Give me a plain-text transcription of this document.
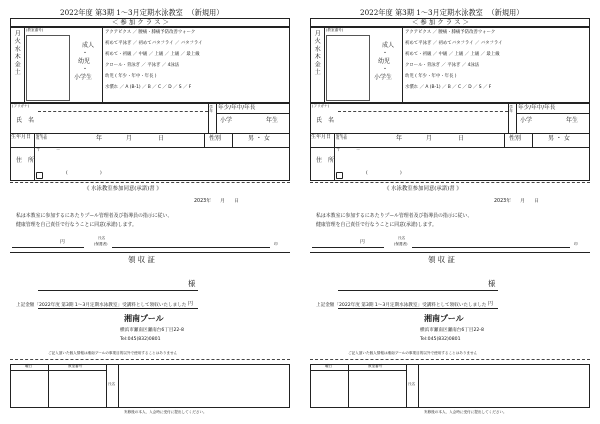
2022年度 第3期 1～3月定期水泳教室 （新規用）
＜ 参 加 ク ラ ス ＞
月火水木金土
(教室番号)
成人
・
幼児
・
小学生
アクアビクス ／ 腰痛・膝痛予防改善ウォーク
初めて平泳ぎ ／ 初めてバタフライ ／ バタフライ
初めて・初級 ／ 中級 ／ 上級 ／ 上級 ／ 最上級
クロール・背泳ぎ ／ 平泳ぎ ／ 4泳法
幼児 ( 年少・年中・年長 )
水慣れ ／ A (B-1) ／ B ／ C ／ D ／ S ／ F
(フリガナ)	学年 年少/年中/年長
氏　名	小学	年生
生年月日 昭和 平成 令和	年	月	日	性別	男 ・ 女
住　所
〒	－
(	)
《 水泳教室参加同意(承諾)書 》
2023年 月 日
私は本教室に参加するにあたりプール管理者及び指導員の指示に従い、
健康管理を自己責任で行なうことに同意(承諾)します。
円
氏名
(保護者)	印
領 収 証
様
円
上記金額「2022年度 第3期 1～3月定期水泳教室」受講料として領収いたしました
湘南プール
横浜市瀬南区瀬南台6丁目22-8
Tel:045(832)0801
ご記入頂いた個人情報は湘南プールの事業目的以外で使用することはありません
曜日	教室番号
氏名
実修後の本人、入会時に受付に提出してください。
2022年度 第3期 1～3月定期水泳教室 （新規用）
＜ 参 加 ク ラ ス ＞
月火水木金土
(教室番号)
成人
・
幼児
・
小学生
アクアビクス ／ 腰痛・膝痛予防改善ウォーク
初めて平泳ぎ ／ 初めてバタフライ ／ バタフライ
初めて・初級 ／ 中級 ／ 上級 ／ 上級 ／ 最上級
クロール・背泳ぎ ／ 平泳ぎ ／ 4泳法
幼児 ( 年少・年中・年長 )
水慣れ ／ A (B-1) ／ B ／ C ／ D ／ S ／ F
(フリガナ)	学年 年少/年中/年長
氏　名	小学	年生
生年月日 昭和 平成 令和	年	月	日	性別	男 ・ 女
住　所
〒	－
(	)
《 水泳教室参加同意(承諾)書 》
2023年 月 日
私は本教室に参加するにあたりプール管理者及び指導員の指示に従い、
健康管理を自己責任で行なうことに同意(承諾)します。
円
氏名
(保護者)	印
領 収 証
様
円
上記金額「2022年度 第3期 1～3月定期水泳教室」受講料として領収いたしました
湘南プール
横浜市瀬南区瀬南台6丁目22-8
Tel:045(832)0801
ご記入頂いた個人情報は湘南プールの事業目的以外で使用することはありません
曜日	教室番号
氏名
実修後の本人、入会時に受付に提出してください。
